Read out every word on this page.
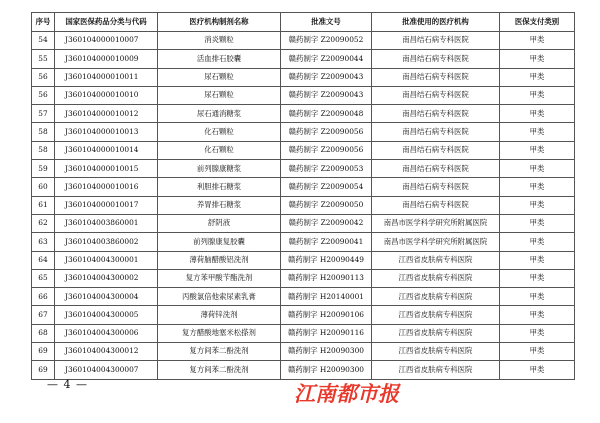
序号	国家医保药品分类与代码	医疗机构制剂名称	批准文号	批准使用的医疗机构	医保支付类别
54	J360104000010007	消炎颗粒	赣药制字 Z20090052	南昌结石病专科医院	甲类
55	J360104000010009	活血排石胶囊	赣药制字 Z20090044	南昌结石病专科医院	甲类
56	J360104000010011	尿石颗粒	赣药制字 Z20090043	南昌结石病专科医院	甲类
56	J360104000010010	尿石颗粒	赣药制字 Z20090043	南昌结石病专科医院	甲类
57	J360104000010012	尿石通消糖浆	赣药制字 Z20090048	南昌结石病专科医院	甲类
58	J360104000010013	化石颗粒	赣药制字 Z20090056	南昌结石病专科医院	甲类
58	J360104000010014	化石颗粒	赣药制字 Z20090056	南昌结石病专科医院	甲类
59	J360104000010015	前列腺康糖浆	赣药制字 Z20090053	南昌结石病专科医院	甲类
60	J360104000010016	利胆排石糖浆	赣药制字 Z20090054	南昌结石病专科医院	甲类
61	J360104000010017	养胃排石糖浆	赣药制字 Z20090050	南昌结石病专科医院	甲类
62	J360104003860001	舒阴液	赣药制字 Z20090042	南昌市医学科学研究所附属医院	甲类
63	J360104003860002	前列腺康复胶囊	赣药制字 Z20090041	南昌市医学科学研究所附属医院	甲类
64	J360104004300001	薄荷脑醋酸铝洗剂	赣药制字 H20090449	江西省皮肤病专科医院	甲类
65	J360104004300002	复方苯甲酸苄酯洗剂	赣药制字 H20090113	江西省皮肤病专科医院	甲类
66	J360104004300004	丙酸氯倍他索尿素乳膏	赣药制字 H20140001	江西省皮肤病专科医院	甲类
67	J360104004300005	薄荷锌洗剂	赣药制字 H20090106	江西省皮肤病专科医院	甲类
68	J360104004300006	复方醋酸地塞米松搽剂	赣药制字 H20090116	江西省皮肤病专科医院	甲类
69	J360104004300012	复方间苯二酚洗剂	赣药制字 H20090300	江西省皮肤病专科医院	甲类
69	J360104004300007	复方间苯二酚洗剂	赣药制字 H20090300	江西省皮肤病专科医院	甲类
— 4 —	江南都市报
